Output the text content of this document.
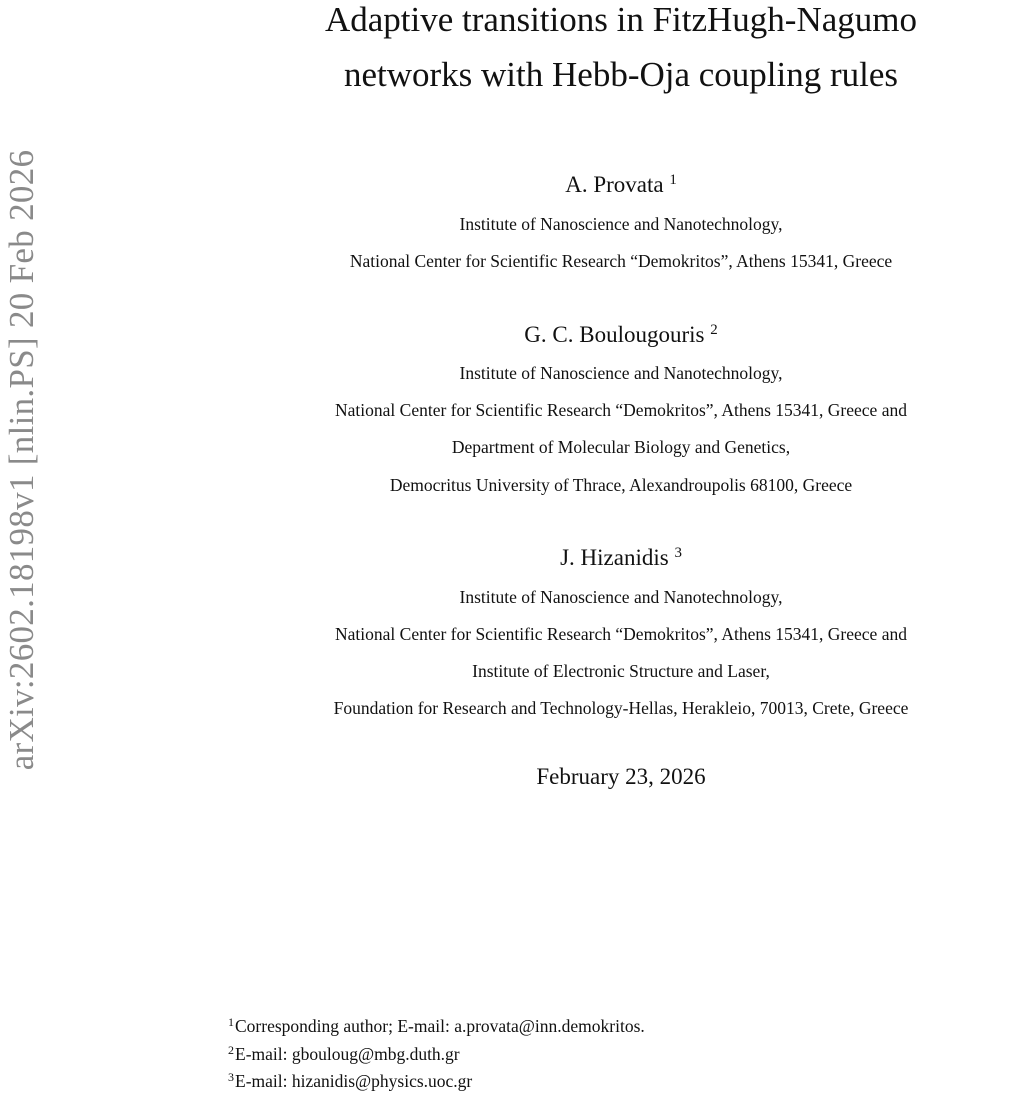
arXiv:2602.18198v1 [nlin.PS] 20 Feb 2026
Adaptive transitions in FitzHugh-Nagumo
networks with Hebb-Oja coupling rules
A. Provata $^1$
Institute of Nanoscience and Nanotechnology,
National Center for Scientific Research “Demokritos”, Athens 15341, Greece
G. C. Boulougouris $^2$
Institute of Nanoscience and Nanotechnology,
National Center for Scientific Research “Demokritos”, Athens 15341, Greece and
Department of Molecular Biology and Genetics,
Democritus University of Thrace, Alexandroupolis 68100, Greece
J. Hizanidis $^3$
Institute of Nanoscience and Nanotechnology,
National Center for Scientific Research “Demokritos”, Athens 15341, Greece and
Institute of Electronic Structure and Laser,
Foundation for Research and Technology-Hellas, Herakleio, 70013, Crete, Greece
February 23, 2026
$^1$Corresponding author; E-mail: a.provata@inn.demokritos.
$^2$E-mail: gbouloug@mbg.duth.gr
$^3$E-mail: hizanidis@physics.uoc.gr
